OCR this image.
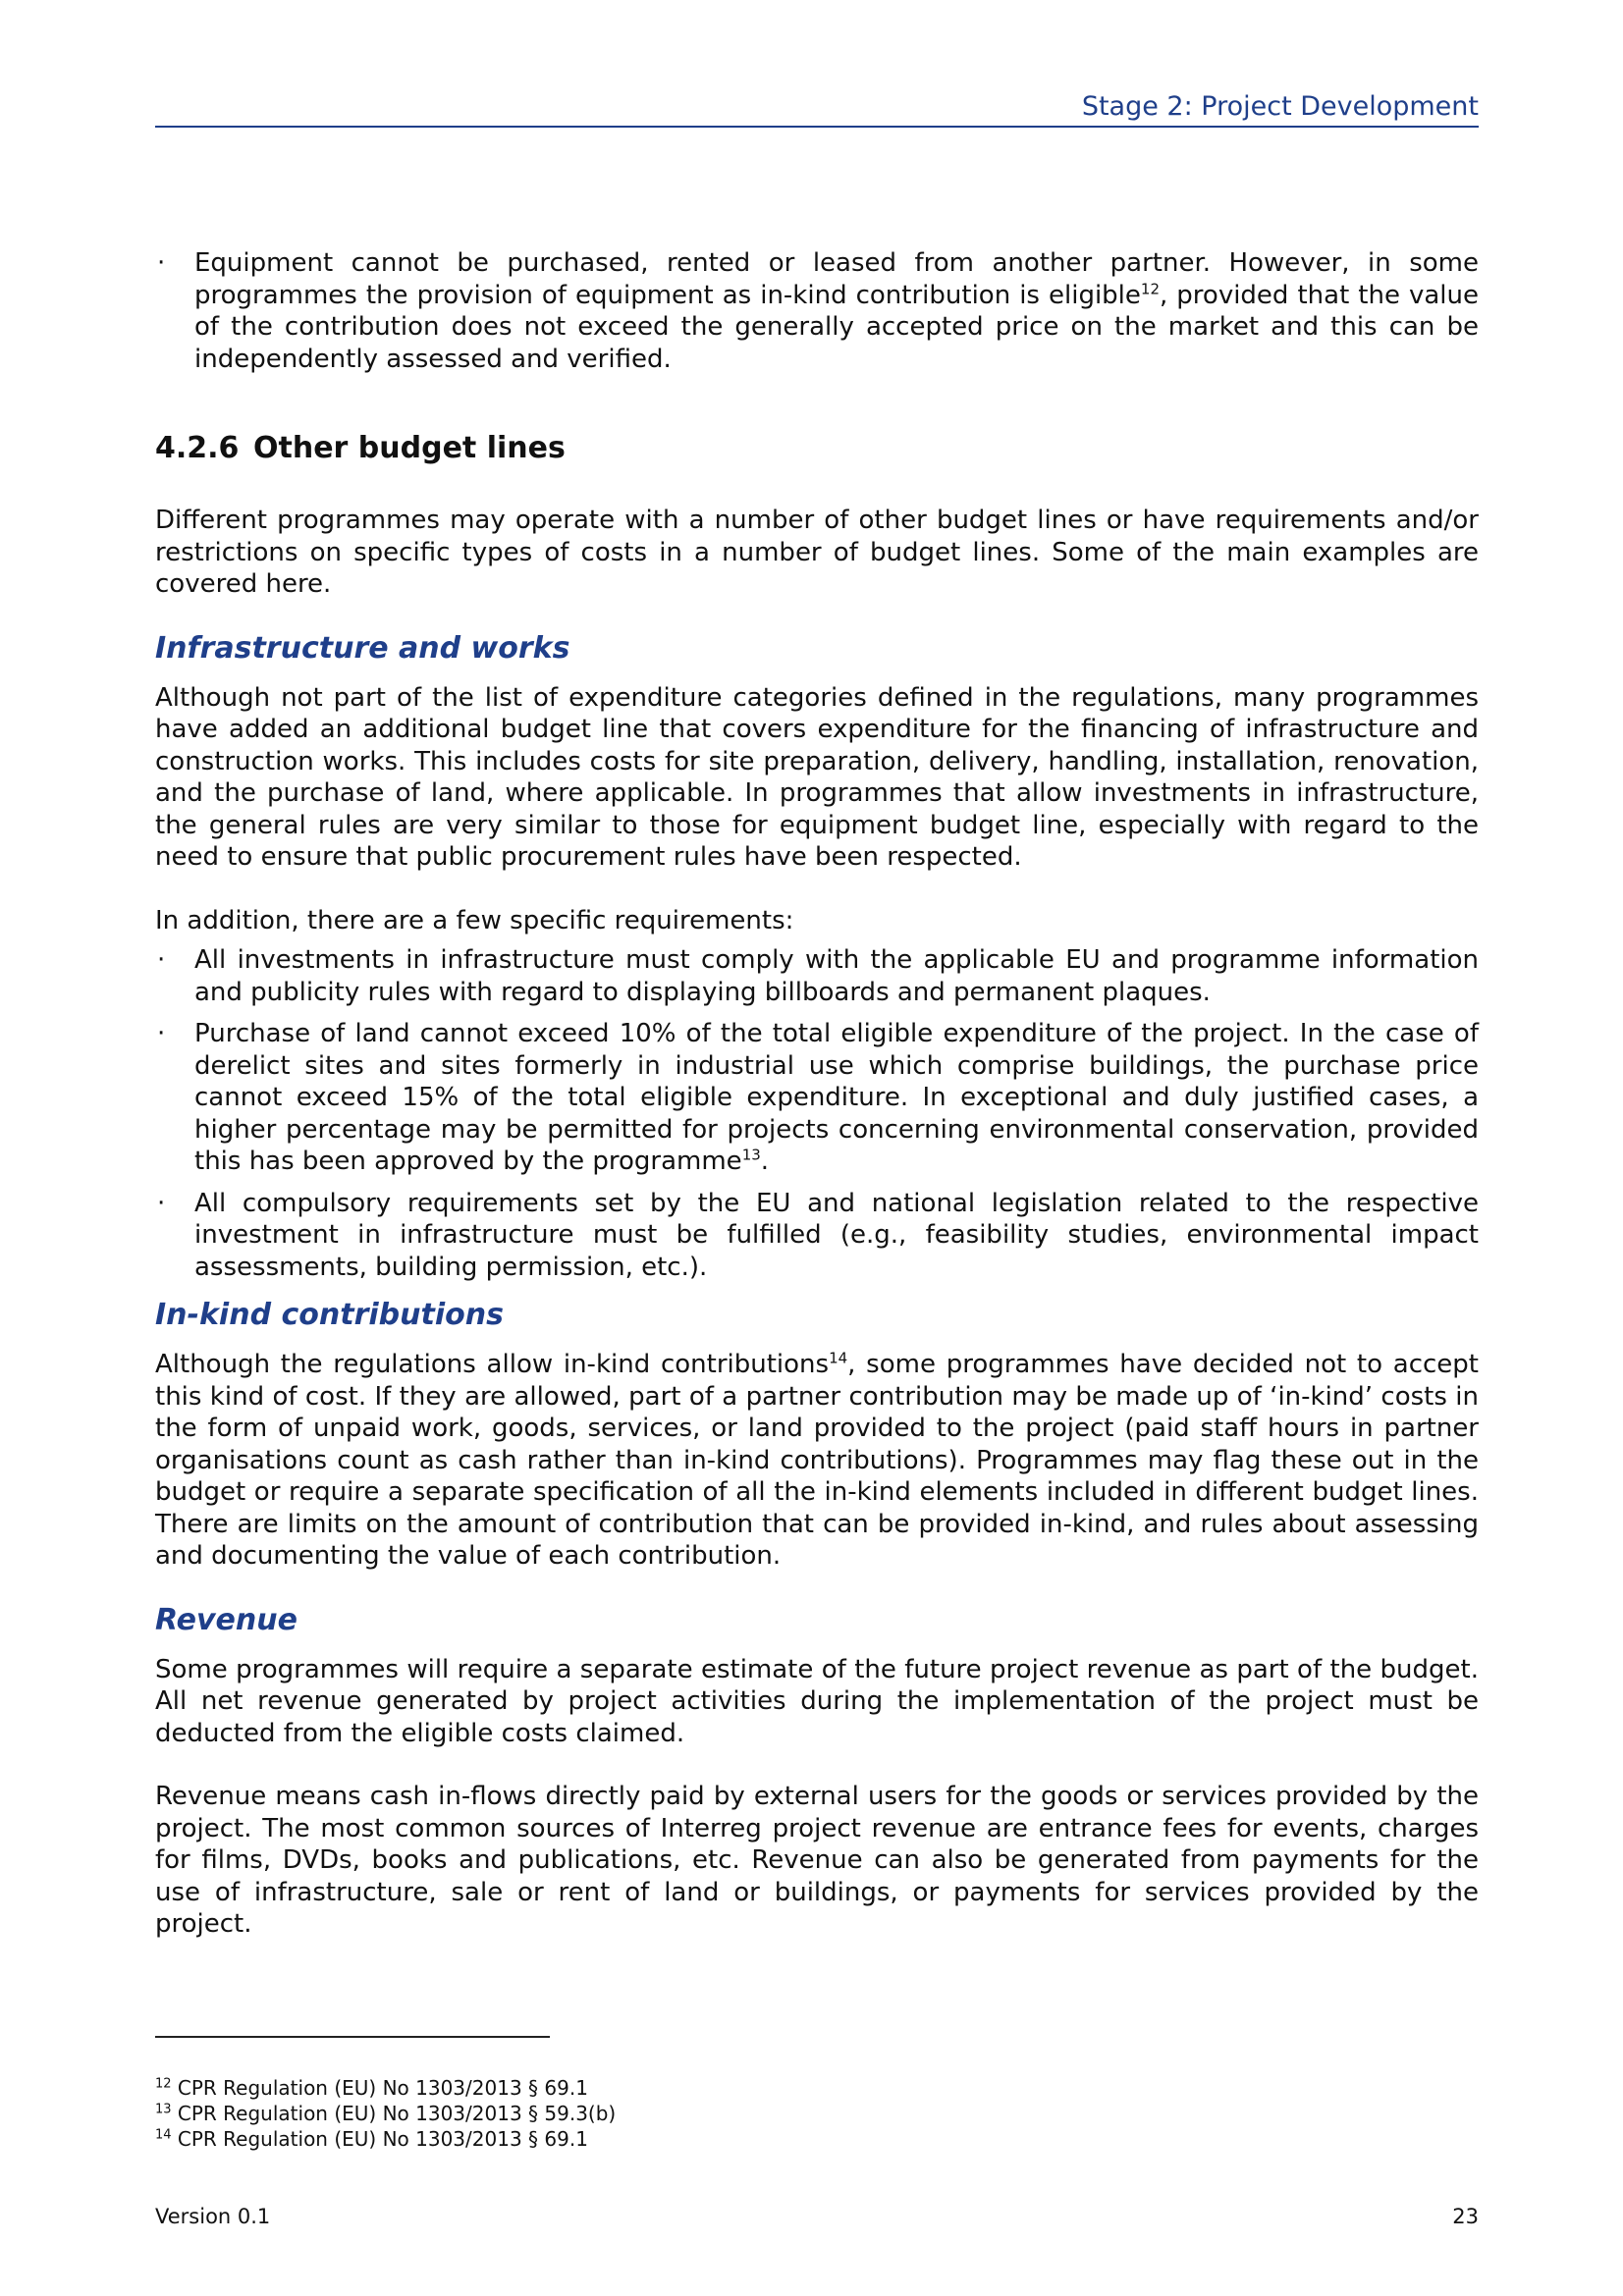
Stage 2: Project Development
· Equipment cannot be purchased, rented or leased from another partner. However, in some programmes the provision of equipment as in-kind contribution is eligible$^{12}$, provided that the value of the contribution does not exceed the generally accepted price on the market and this can be independently assessed and verified.
4.2.6 Other budget lines

Different programmes may operate with a number of other budget lines or have requirements and/or restrictions on specific types of costs in a number of budget lines. Some of the main examples are covered here.

Infrastructure and works

Although not part of the list of expenditure categories defined in the regulations, many programmes have added an additional budget line that covers expenditure for the financing of infrastructure and construction works. This includes costs for site preparation, delivery, handling, installation, renovation, and the purchase of land, where applicable. In programmes that allow investments in infrastructure, the general rules are very similar to those for equipment budget line, especially with regard to the need to ensure that public procurement rules have been respected.

In addition, there are a few specific requirements:

· All investments in infrastructure must comply with the applicable EU and programme information and publicity rules with regard to displaying billboards and permanent plaques.
· Purchase of land cannot exceed 10% of the total eligible expenditure of the project. In the case of derelict sites and sites formerly in industrial use which comprise buildings, the purchase price cannot exceed 15% of the total eligible expenditure. In exceptional and duly justified cases, a higher percentage may be permitted for projects concerning environmental conservation, provided this has been approved by the programme$^{13}$.
· All compulsory requirements set by the EU and national legislation related to the respective investment in infrastructure must be fulfilled (e.g., feasibility studies, environmental impact assessments, building permission, etc.).
In-kind contributions

Although the regulations allow in-kind contributions$^{14}$, some programmes have decided not to accept this kind of cost. If they are allowed, part of a partner contribution may be made up of ‘in-kind’ costs in the form of unpaid work, goods, services, or land provided to the project (paid staff hours in partner organisations count as cash rather than in-kind contributions). Programmes may flag these out in the budget or require a separate specification of all the in-kind elements included in different budget lines. There are limits on the amount of contribution that can be provided in-kind, and rules about assessing and documenting the value of each contribution.

Revenue

Some programmes will require a separate estimate of the future project revenue as part of the budget. All net revenue generated by project activities during the implementation of the project must be deducted from the eligible costs claimed.

Revenue means cash in-flows directly paid by external users for the goods or services provided by the project. The most common sources of Interreg project revenue are entrance fees for events, charges for films, DVDs, books and publications, etc. Revenue can also be generated from payments for the use of infrastructure, sale or rent of land or buildings, or payments for services provided by the project.

$^{12}$ CPR Regulation (EU) No 1303/2013 § 69.1
$^{13}$ CPR Regulation (EU) No 1303/2013 § 59.3(b)
$^{14}$ CPR Regulation (EU) No 1303/2013 § 69.1
Version 0.1	23
